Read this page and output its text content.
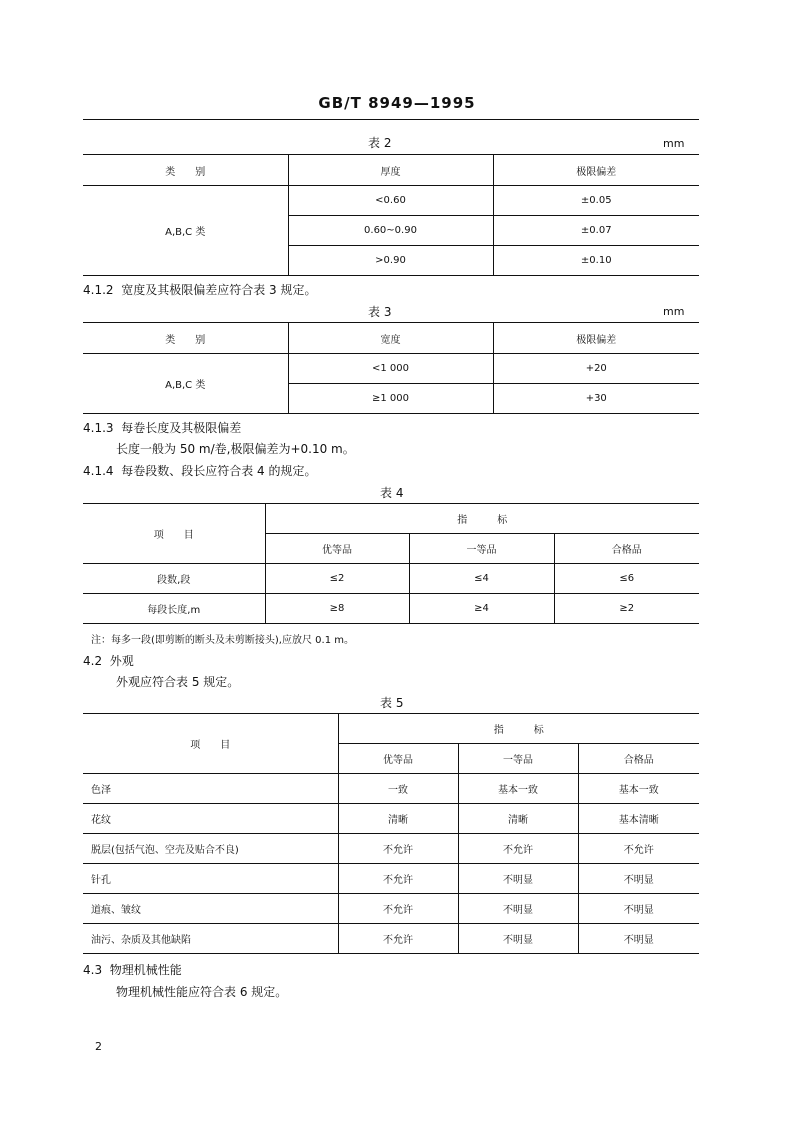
GB/T 8949—1995
表 2	mm
类　　别	厚度	极限偏差
A,B,C 类	<0.60	±0.05
	0.60~0.90	±0.07
	>0.90	±0.10
4.1.2 宽度及其极限偏差应符合表 3 规定。
表 3	mm
类　　别	宽度	极限偏差
A,B,C 类	<1 000	+20
	≥1 000	+30
4.1.3 每卷长度及其极限偏差
长度一般为 50 m/卷,极限偏差为+0.10 m。
4.1.4 每卷段数、段长应符合表 4 的规定。
表 4
项　　目	指　　　标		
	优等品	一等品	合格品
段数,段	≤2	≤4	≤6
每段长度,m	≥8	≥4	≥2
注：每多一段(即剪断的断头及未剪断接头),应放尺 0.1 m。
4.2 外观
外观应符合表 5 规定。
表 5
项　　目	指　　　标		
	优等品	一等品	合格品
色泽	一致	基本一致	基本一致
花纹	清晰	清晰	基本清晰
脱层(包括气泡、空壳及贴合不良)	不允许	不允许	不允许
针孔	不允许	不明显	不明显
道痕、皱纹	不允许	不明显	不明显
油污、杂质及其他缺陷	不允许	不明显	不明显
4.3 物理机械性能
物理机械性能应符合表 6 规定。
2
